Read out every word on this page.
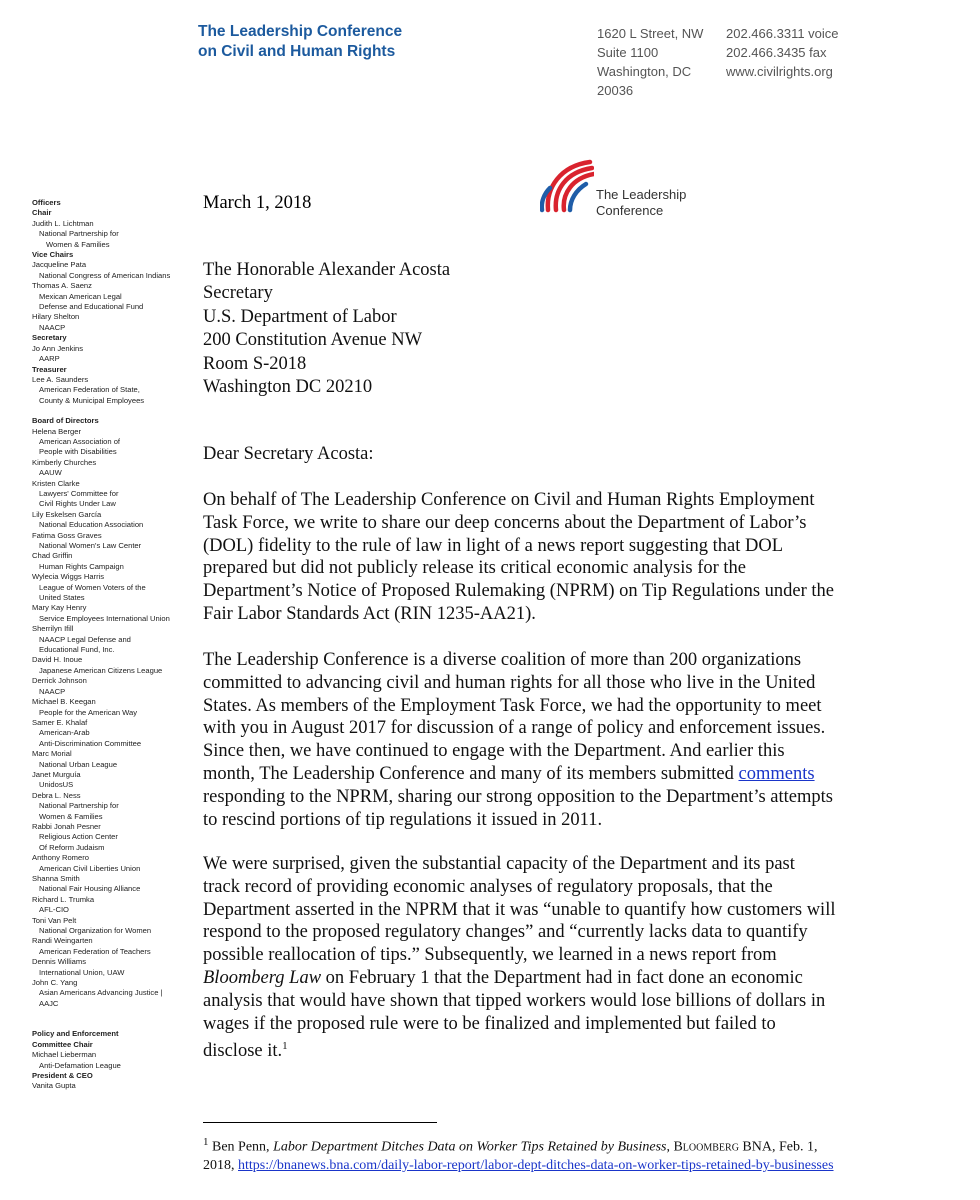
The Leadership Conference
on Civil and Human Rights
1620 L Street, NW
Suite 1100
Washington, DC
20036
202.466.3311 voice
202.466.3435 fax
www.civilrights.org
The Leadership
Conference
Officers
Chair
Judith L. Lichtman
National Partnership for
Women & Families
Vice Chairs
Jacqueline Pata
National Congress of American Indians
Thomas A. Saenz
Mexican American Legal
Defense and Educational Fund
Hilary Shelton
NAACP
Secretary
Jo Ann Jenkins
AARP
Treasurer
Lee A. Saunders
American Federation of State,
County & Municipal Employees
Board of Directors
Helena Berger
American Association of
People with Disabilities
Kimberly Churches
AAUW
Kristen Clarke
Lawyers' Committee for
Civil Rights Under Law
Lily Eskelsen García
National Education Association
Fatima Goss Graves
National Women's Law Center
Chad Griffin
Human Rights Campaign
Wylecia Wiggs Harris
League of Women Voters of the
United States
Mary Kay Henry
Service Employees International Union
Sherrilyn Ifill
NAACP Legal Defense and
Educational Fund, Inc.
David H. Inoue
Japanese American Citizens League
Derrick Johnson
NAACP
Michael B. Keegan
People for the American Way
Samer E. Khalaf
American-Arab
Anti-Discrimination Committee
Marc Morial
National Urban League
Janet Murguía
UnidosUS
Debra L. Ness
National Partnership for
Women & Families
Rabbi Jonah Pesner
Religious Action Center
Of Reform Judaism
Anthony Romero
American Civil Liberties Union
Shanna Smith
National Fair Housing Alliance
Richard L. Trumka
AFL-CIO
Toni Van Pelt
National Organization for Women
Randi Weingarten
American Federation of Teachers
Dennis Williams
International Union, UAW
John C. Yang
Asian Americans Advancing Justice |
AAJC
Policy and Enforcement
Committee Chair
Michael Lieberman
Anti-Defamation League
President & CEO
Vanita Gupta
March 1, 2018
The Honorable Alexander Acosta
Secretary
U.S. Department of Labor
200 Constitution Avenue NW
Room S-2018
Washington DC 20210
Dear Secretary Acosta:
On behalf of The Leadership Conference on Civil and Human Rights Employment
Task Force, we write to share our deep concerns about the Department of Labor’s
(DOL) fidelity to the rule of law in light of a news report suggesting that DOL
prepared but did not publicly release its critical economic analysis for the
Department’s Notice of Proposed Rulemaking (NPRM) on Tip Regulations under the
Fair Labor Standards Act (RIN 1235-AA21).
The Leadership Conference is a diverse coalition of more than 200 organizations
committed to advancing civil and human rights for all those who live in the United
States. As members of the Employment Task Force, we had the opportunity to meet
with you in August 2017 for discussion of a range of policy and enforcement issues.
Since then, we have continued to engage with the Department. And earlier this
month, The Leadership Conference and many of its members submitted comments
responding to the NPRM, sharing our strong opposition to the Department’s attempts
to rescind portions of tip regulations it issued in 2011.
We were surprised, given the substantial capacity of the Department and its past
track record of providing economic analyses of regulatory proposals, that the
Department asserted in the NPRM that it was “unable to quantify how customers will
respond to the proposed regulatory changes” and “currently lacks data to quantify
possible reallocation of tips.” Subsequently, we learned in a news report from
Bloomberg Law on February 1 that the Department had in fact done an economic
analysis that would have shown that tipped workers would lose billions of dollars in
wages if the proposed rule were to be finalized and implemented but failed to
disclose it.$^1$
$^1$ Ben Penn, Labor Department Ditches Data on Worker Tips Retained by Business, Bloomberg BNA, Feb. 1,
2018, https://bnanews.bna.com/daily-labor-report/labor-dept-ditches-data-on-worker-tips-retained-by-businesses
